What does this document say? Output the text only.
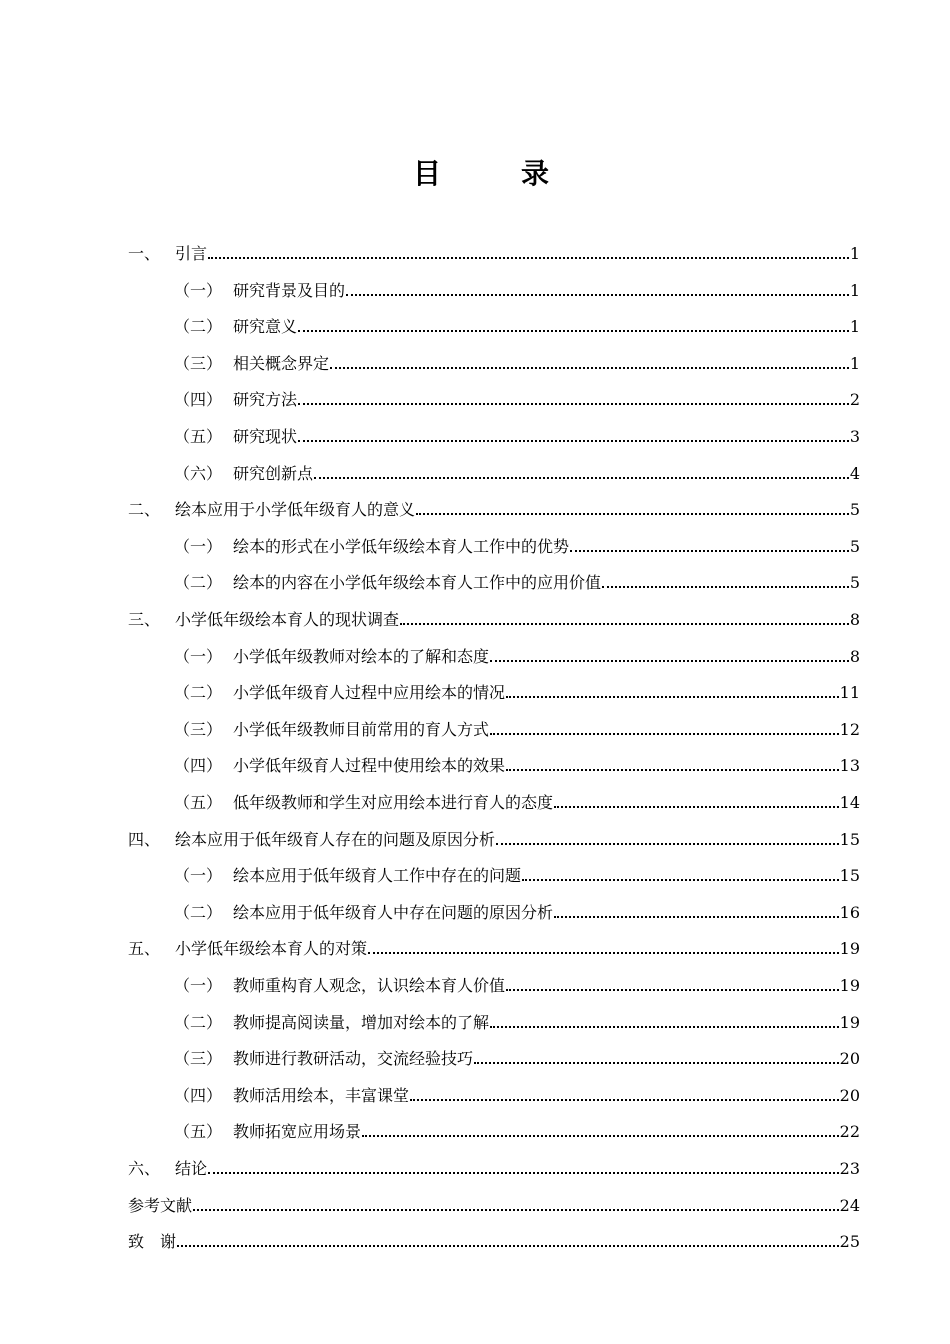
目　录
一、 引言	1
（一） 研究背景及目的	1
（二） 研究意义	1
（三） 相关概念界定	1
（四） 研究方法	2
（五） 研究现状	3
（六） 研究创新点	4
二、 绘本应用于小学低年级育人的意义	5
（一） 绘本的形式在小学低年级绘本育人工作中的优势	5
（二） 绘本的内容在小学低年级绘本育人工作中的应用价值	5
三、 小学低年级绘本育人的现状调查	8
（一） 小学低年级教师对绘本的了解和态度	8
（二） 小学低年级育人过程中应用绘本的情况	11
（三） 小学低年级教师目前常用的育人方式	12
（四） 小学低年级育人过程中使用绘本的效果	13
（五） 低年级教师和学生对应用绘本进行育人的态度	14
四、 绘本应用于低年级育人存在的问题及原因分析	15
（一） 绘本应用于低年级育人工作中存在的问题	15
（二） 绘本应用于低年级育人中存在问题的原因分析	16
五、 小学低年级绘本育人的对策	19
（一） 教师重构育人观念，认识绘本育人价值	19
（二） 教师提高阅读量，增加对绘本的了解	19
（三） 教师进行教研活动，交流经验技巧	20
（四） 教师活用绘本，丰富课堂	20
（五） 教师拓宽应用场景	22
六、 结论	23
参考文献	24
致　谢	25
